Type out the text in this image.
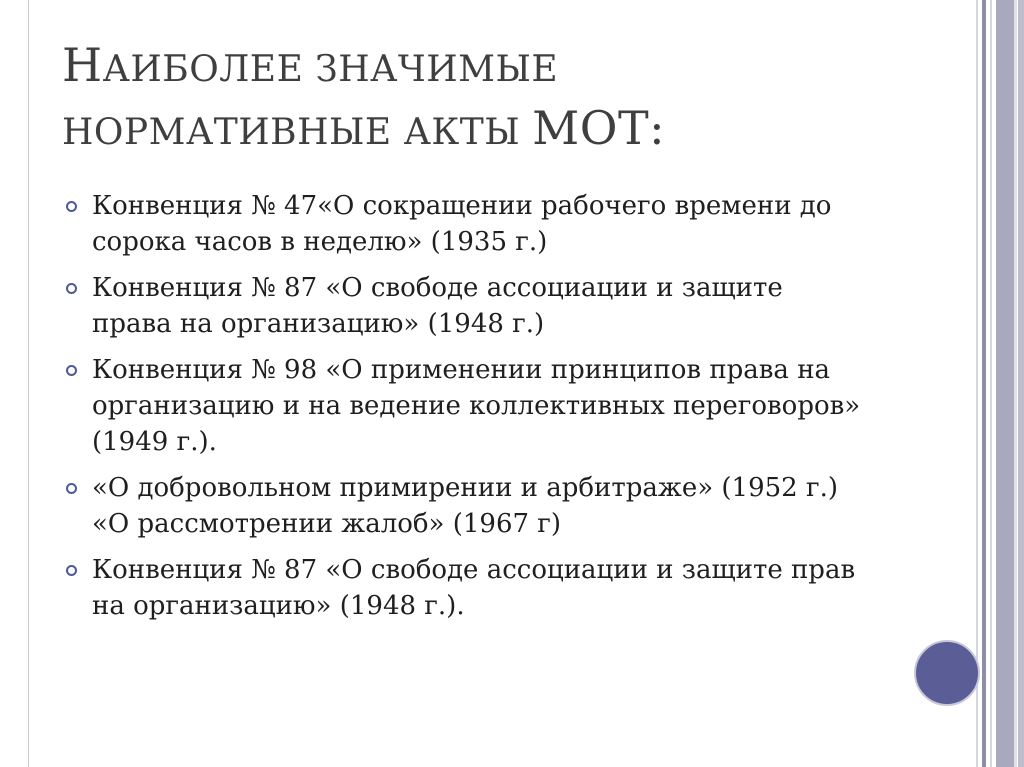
НАИБОЛЕЕ ЗНАЧИМЫЕ
НОРМАТИВНЫЕ АКТЫ МОТ:
Конвенция № 47«О сокращении рабочего времени до сорока часов в неделю» (1935 г.)
Конвенция № 87 «О свободе ассоциации и защите права на организацию» (1948 г.)
Конвенция № 98 «О применении принципов права на организацию и на ведение коллективных переговоров» (1949 г.).
«О добровольном примирении и арбитраже» (1952 г.) «О рассмотрении жалоб» (1967 г)
Конвенция № 87 «О свободе ассоциации и защите прав на организацию» (1948 г.).
